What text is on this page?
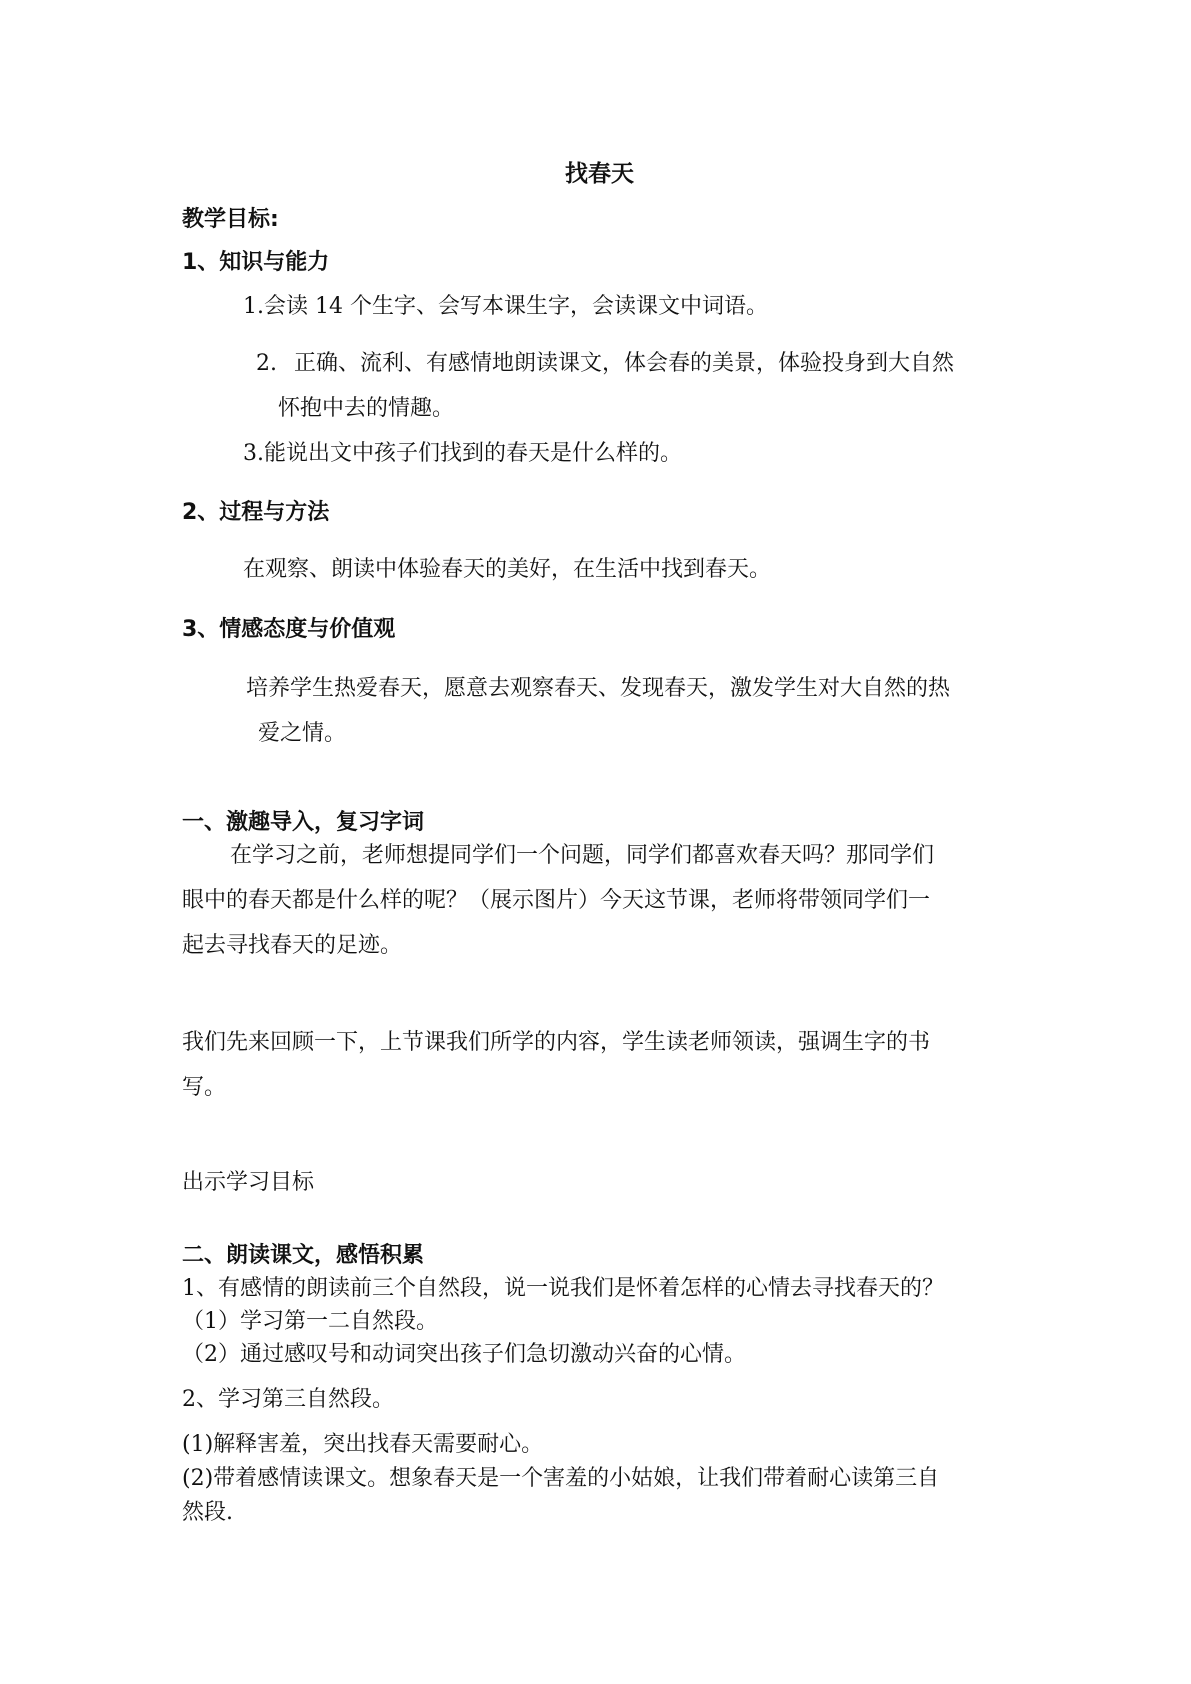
找春天
教学目标:
1、知识与能力
1.会读 14 个生字、会写本课生字，会读课文中词语。
2. 正确、流利、有感情地朗读课文，体会春的美景，体验投身到大自然
怀抱中去的情趣。
3.能说出文中孩子们找到的春天是什么样的。
2、过程与方法
在观察、朗读中体验春天的美好，在生活中找到春天。
3、情感态度与价值观
培养学生热爱春天，愿意去观察春天、发现春天，激发学生对大自然的热
爱之情。
一、激趣导入，复习字词
在学习之前，老师想提同学们一个问题，同学们都喜欢春天吗？那同学们
眼中的春天都是什么样的呢？（展示图片）今天这节课，老师将带领同学们一
起去寻找春天的足迹。
我们先来回顾一下，上节课我们所学的内容，学生读老师领读，强调生字的书
写。
出示学习目标
二、朗读课文，感悟积累
1、有感情的朗读前三个自然段，说一说我们是怀着怎样的心情去寻找春天的？
（1）学习第一二自然段。
（2）通过感叹号和动词突出孩子们急切激动兴奋的心情。
2、学习第三自然段。
(1)解释害羞，突出找春天需要耐心。
(2)带着感情读课文。想象春天是一个害羞的小姑娘，让我们带着耐心读第三自
然段.
